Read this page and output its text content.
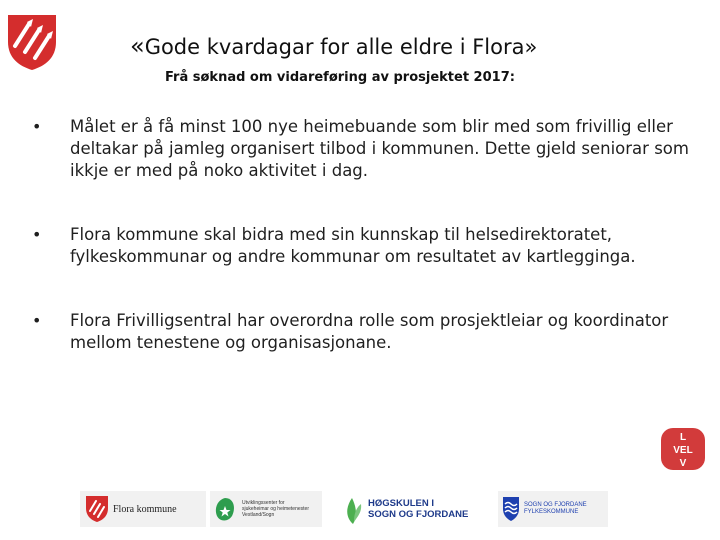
«Gode kvardagar for alle eldre i Flora»
Frå søknad om vidareføring av prosjektet 2017:
•	Målet er å få minst 100 nye heimebuande som blir med som frivillig eller deltakar på jamleg organisert tilbod i kommunen. Dette gjeld seniorar som ikkje er med på noko aktivitet i dag.
•	Flora kommune skal bidra med sin kunnskap til helsedirektoratet, fylkeskommunar og andre kommunar om resultatet av kartlegginga.
•	Flora Frivilligsentral har overordna rolle som prosjektleiar og koordinator mellom tenestene og organisasjonane.
L
VEL
V
Flora kommune
Utviklingssenter for
sjukeheimar og heimetenester
Vestland/Sogn
HØGSKULEN I
SOGN OG FJORDANE
SOGN OG FJORDANE
FYLKESKOMMUNE
